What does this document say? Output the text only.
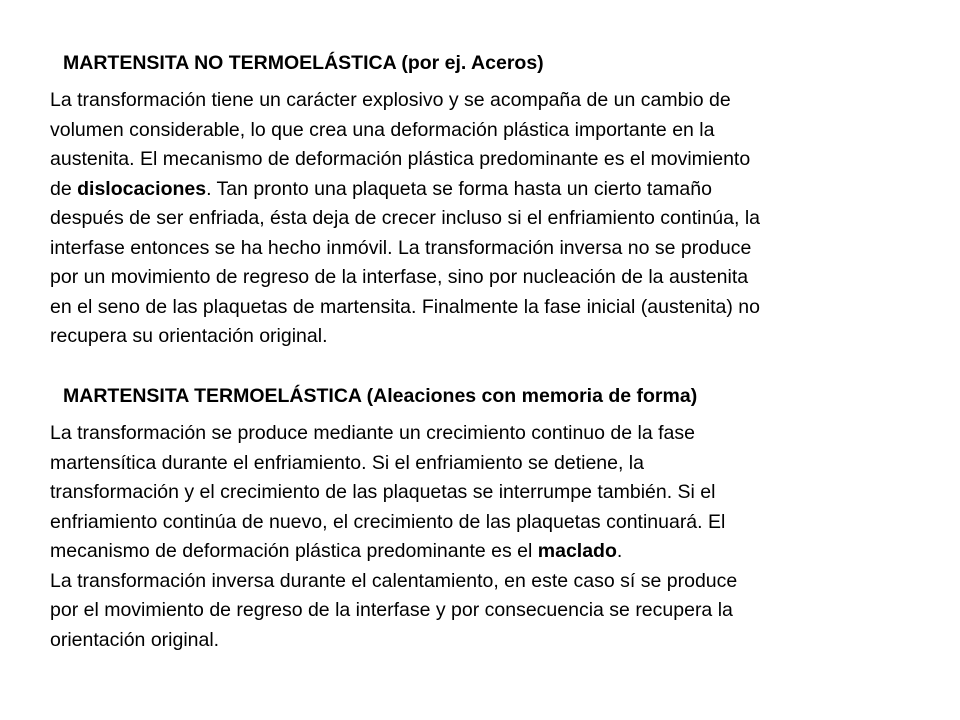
MARTENSITA NO TERMOELÁSTICA (por ej. Aceros)

La transformación tiene un carácter explosivo y se acompaña de un cambio de
volumen considerable, lo que crea una deformación plástica importante en la
austenita. El mecanismo de deformación plástica predominante es el movimiento
de dislocaciones. Tan pronto una plaqueta se forma hasta un cierto tamaño
después de ser enfriada, ésta deja de crecer incluso si el enfriamiento continúa, la
interfase entonces se ha hecho inmóvil. La transformación inversa no se produce
por un movimiento de regreso de la interfase, sino por nucleación de la austenita
en el seno de las plaquetas de martensita. Finalmente la fase inicial (austenita) no
recupera su orientación original.

MARTENSITA TERMOELÁSTICA (Aleaciones con memoria de forma)

La transformación se produce mediante un crecimiento continuo de la fase
martensítica durante el enfriamiento. Si el enfriamiento se detiene, la
transformación y el crecimiento de las plaquetas se interrumpe también. Si el
enfriamiento continúa de nuevo, el crecimiento de las plaquetas continuará. El
mecanismo de deformación plástica predominante es el maclado.
La transformación inversa durante el calentamiento, en este caso sí se produce
por el movimiento de regreso de la interfase y por consecuencia se recupera la
orientación original.
